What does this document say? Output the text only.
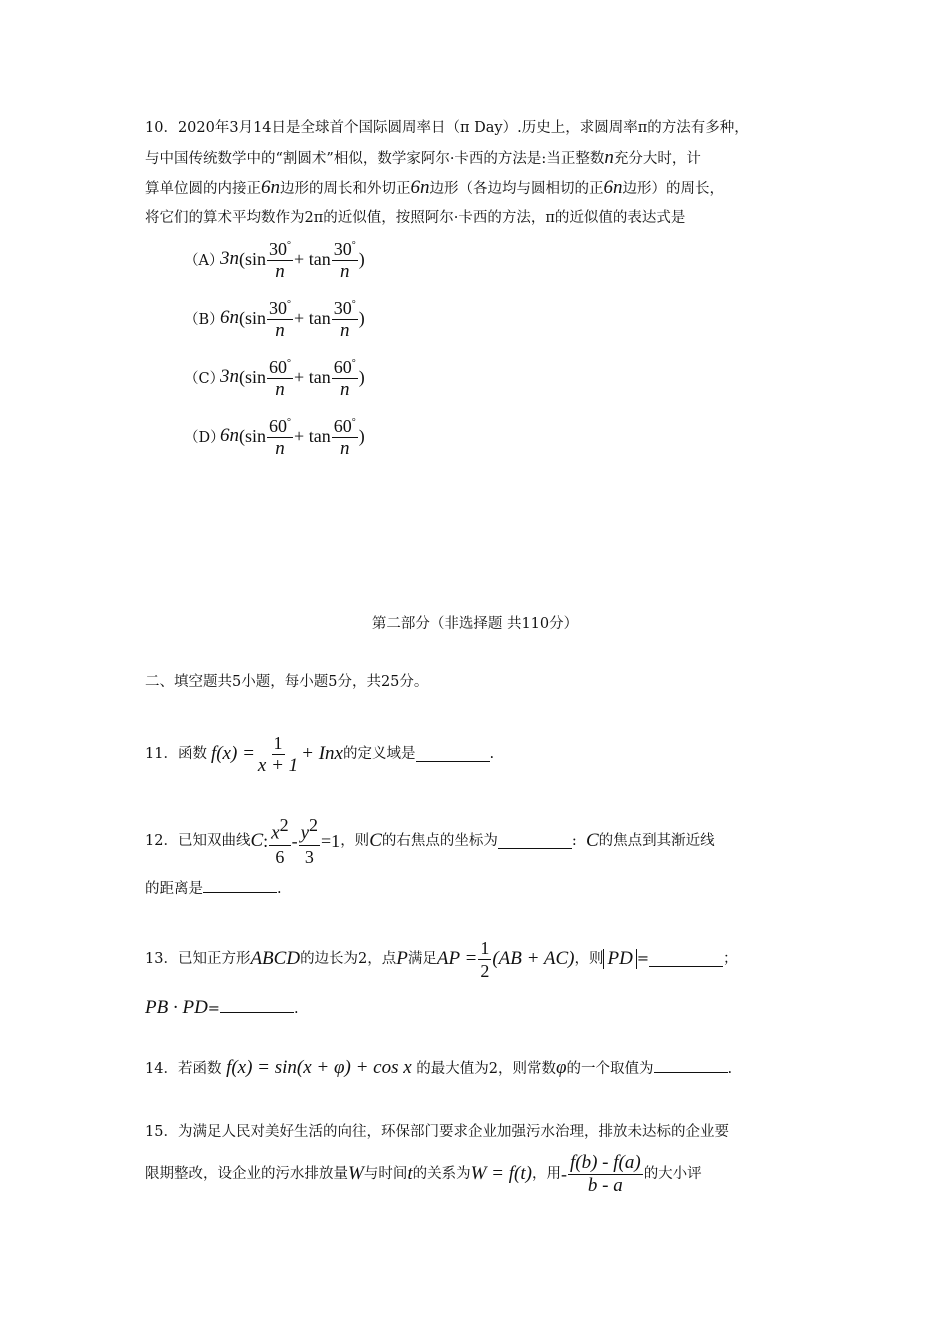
10．2020年3月14日是全球首个国际圆周率日（π Day）.历史上，求圆周率π的方法有多种，
与中国传统数学中的“割圆术”相似，数学家阿尔·卡西的方法是:当正整数n充分大时，计
算单位圆的内接正6n边形的周长和外切正6n边形（各边均与圆相切的正6n边形）的周长，
将它们的算术平均数作为2π的近似值，按照阿尔·卡西的方法，π的近似值的表达式是
（A）
3n ( $\sin \frac{30^\circ}{n}$ +
$\tan \frac{30^\circ}{n}$ )
（B）
6n ( $\sin \frac{30^\circ}{n}$ +
$\tan \frac{30^\circ}{n}$ )
（C）
3n ( $\sin \frac{60^\circ}{n}$ +
$\tan \frac{60^\circ}{n}$ )
（D）
6n ( $\sin \frac{60^\circ}{n}$ +
$\tan \frac{60^\circ}{n}$ )
第二部分（非选择题 共110分）
二、填空题共5小题，每小题5分，共25分。
11．函数 $f(x) = \frac{1}{x + 1}$ + Inx 的定义域是	.
12．已知双曲线 C : $\frac{x^2}{6} - \frac{y^2}{3} =1$ ，则 C 的右焦点的坐标为	:
C 的焦点到其渐近线
的距离是	.
13．已知正方形 ABCD 的边长为2，点 P 满足 AP = $\frac{1}{2} (AB + AC)$ ，则 PD =	；
PB · PD=	.
14．若函数 f(x) = sin(x + φ) + cos x 的最大值为2，则常数φ的一个取值为	.
15．为满足人民对美好生活的向往，环保部门要求企业加强污水治理，排放未达标的企业要
限期整改，设企业的污水排放量 W 与时间 t 的关系为 W = f(t) ，用 - $\frac{f(b) - f(a)}{b - a}$ 的大小评
